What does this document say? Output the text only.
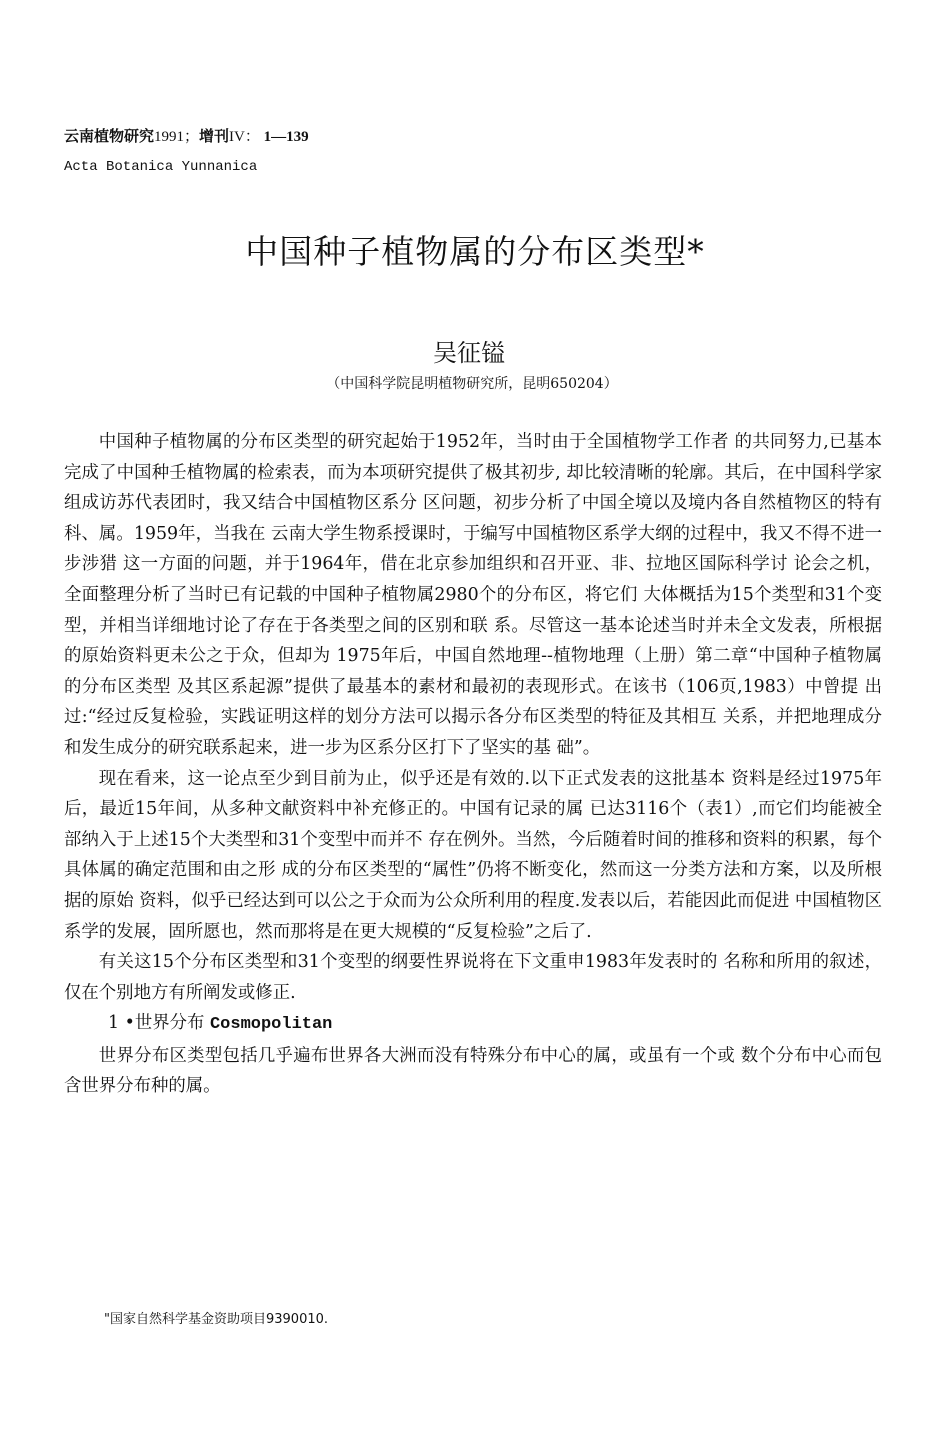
云南植物研究1991；增刊IV： 1—139
Acta Botanica Yunnanica
中国种子植物属的分布区类型*
吴征镒
（中国科学院昆明植物研究所，昆明650204）

中国种子植物属的分布区类型的研究起始于1952年，当时由于全国植物学工作者 的共同努力,已基本完成了中国种壬植物属的检索表，而为本项研究提供了极其初步, 却比较清晰的轮廓。其后，在中国科学家组成访苏代表团时，我又结合中国植物区系分 区问题，初步分析了中国全境以及境内各自然植物区的特有科、属。1959年，当我在 云南大学生物系授课时，于编写中国植物区系学大纲的过程中，我又不得不进一步涉猎 这一方面的问题，并于1964年，借在北京参加组织和召开亚、非、拉地区国际科学讨 论会之机，全面整理分析了当时已有记载的中国种子植物属2980个的分布区，将它们 大体概括为15个类型和31个变型，并相当详细地讨论了存在于各类型之间的区别和联 系。尽管这一基本论述当时并未全文发表，所根据的原始资料更未公之于众，但却为 1975年后，中国自然地理--植物地理（上册）第二章“中国种子植物属的分布区类型 及其区系起源”提供了最基本的素材和最初的表现形式。在该书（106页,1983）中曾提 出过:“经过反复检验，实践证明这样的划分方法可以揭示各分布区类型的特征及其相互 关系，并把地理成分和发生成分的研究联系起来，进一步为区系分区打下了坚实的基 础”。

现在看来，这一论点至少到目前为止，似乎还是有效的.以下正式发表的这批基本 资料是经过1975年后，最近15年间，从多种文献资料中补充修正的。中国有记录的属 已达3116个（表1）,而它们均能被全部纳入于上述15个大类型和31个变型中而并不 存在例外。当然，今后随着时间的推移和资料的积累，每个具体属的确定范围和由之形 成的分布区类型的“属性”仍将不断变化，然而这一分类方法和方案，以及所根据的原始 资料，似乎已经达到可以公之于众而为公众所利用的程度.发表以后，若能因此而促进 中国植物区系学的发展，固所愿也，然而那将是在更大规模的“反复检验”之后了.

有关这15个分布区类型和31个变型的纲要性界说将在下文重申1983年发表时的 名称和所用的叙述，仅在个别地方有所阐发或修正.

1 •世界分布 Cosmopolitan

世界分布区类型包括几乎遍布世界各大洲而没有特殊分布中心的属，或虽有一个或 数个分布中心而包含世界分布种的属。

"国家自然科学基金资助项目9390010.
